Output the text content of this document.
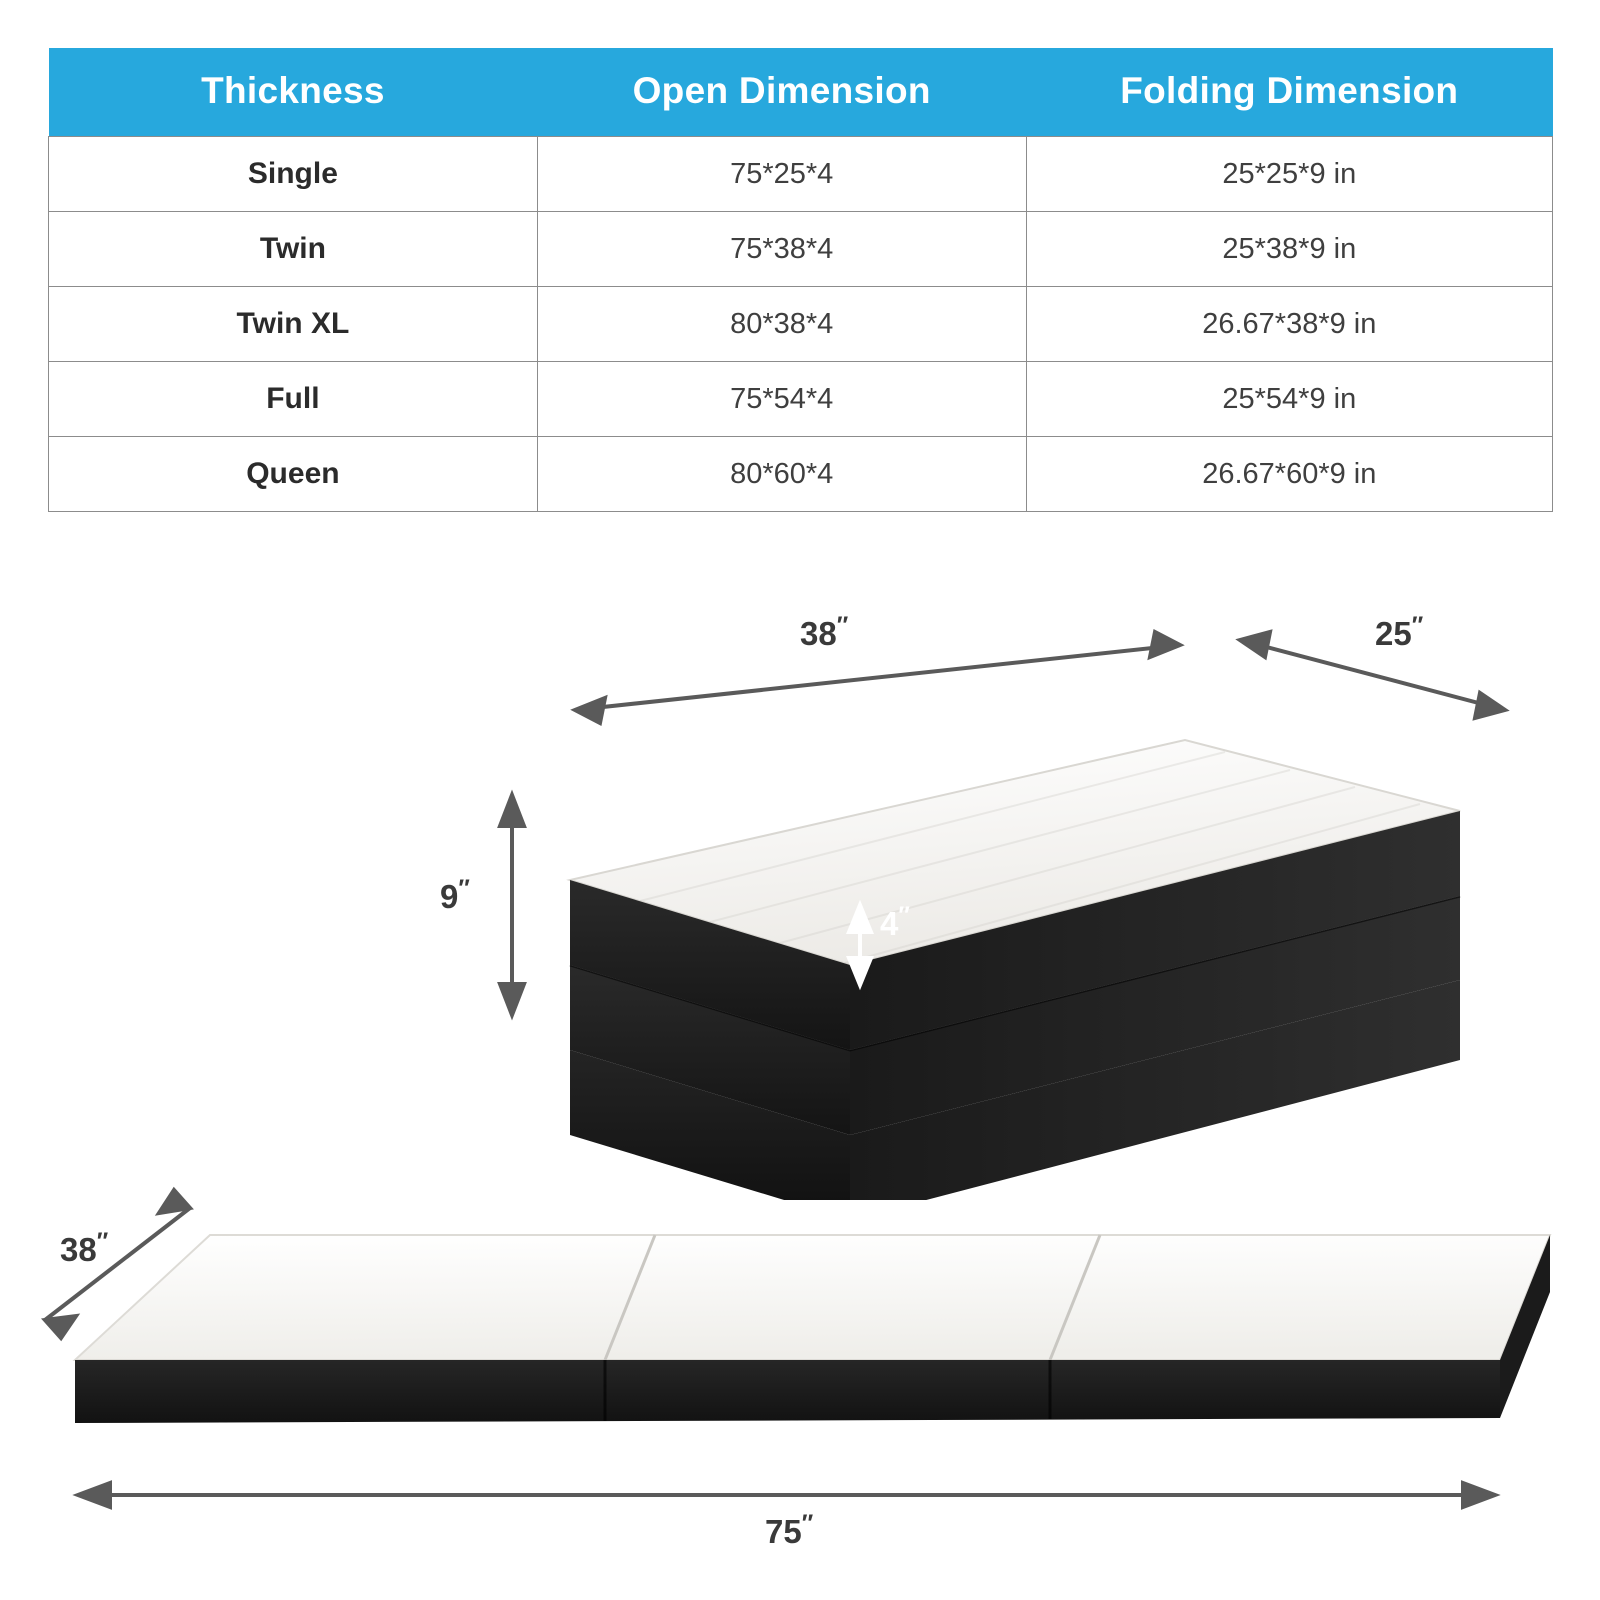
Thickness	Open Dimension	Folding Dimension
Single	75*25*4	25*25*9 in
Twin	75*38*4	25*38*9 in
Twin XL	80*38*4	26.67*38*9 in
Full	75*54*4	25*54*9 in
Queen	80*60*4	26.67*60*9 in
38″	25″
9″
4″
38″
75″
